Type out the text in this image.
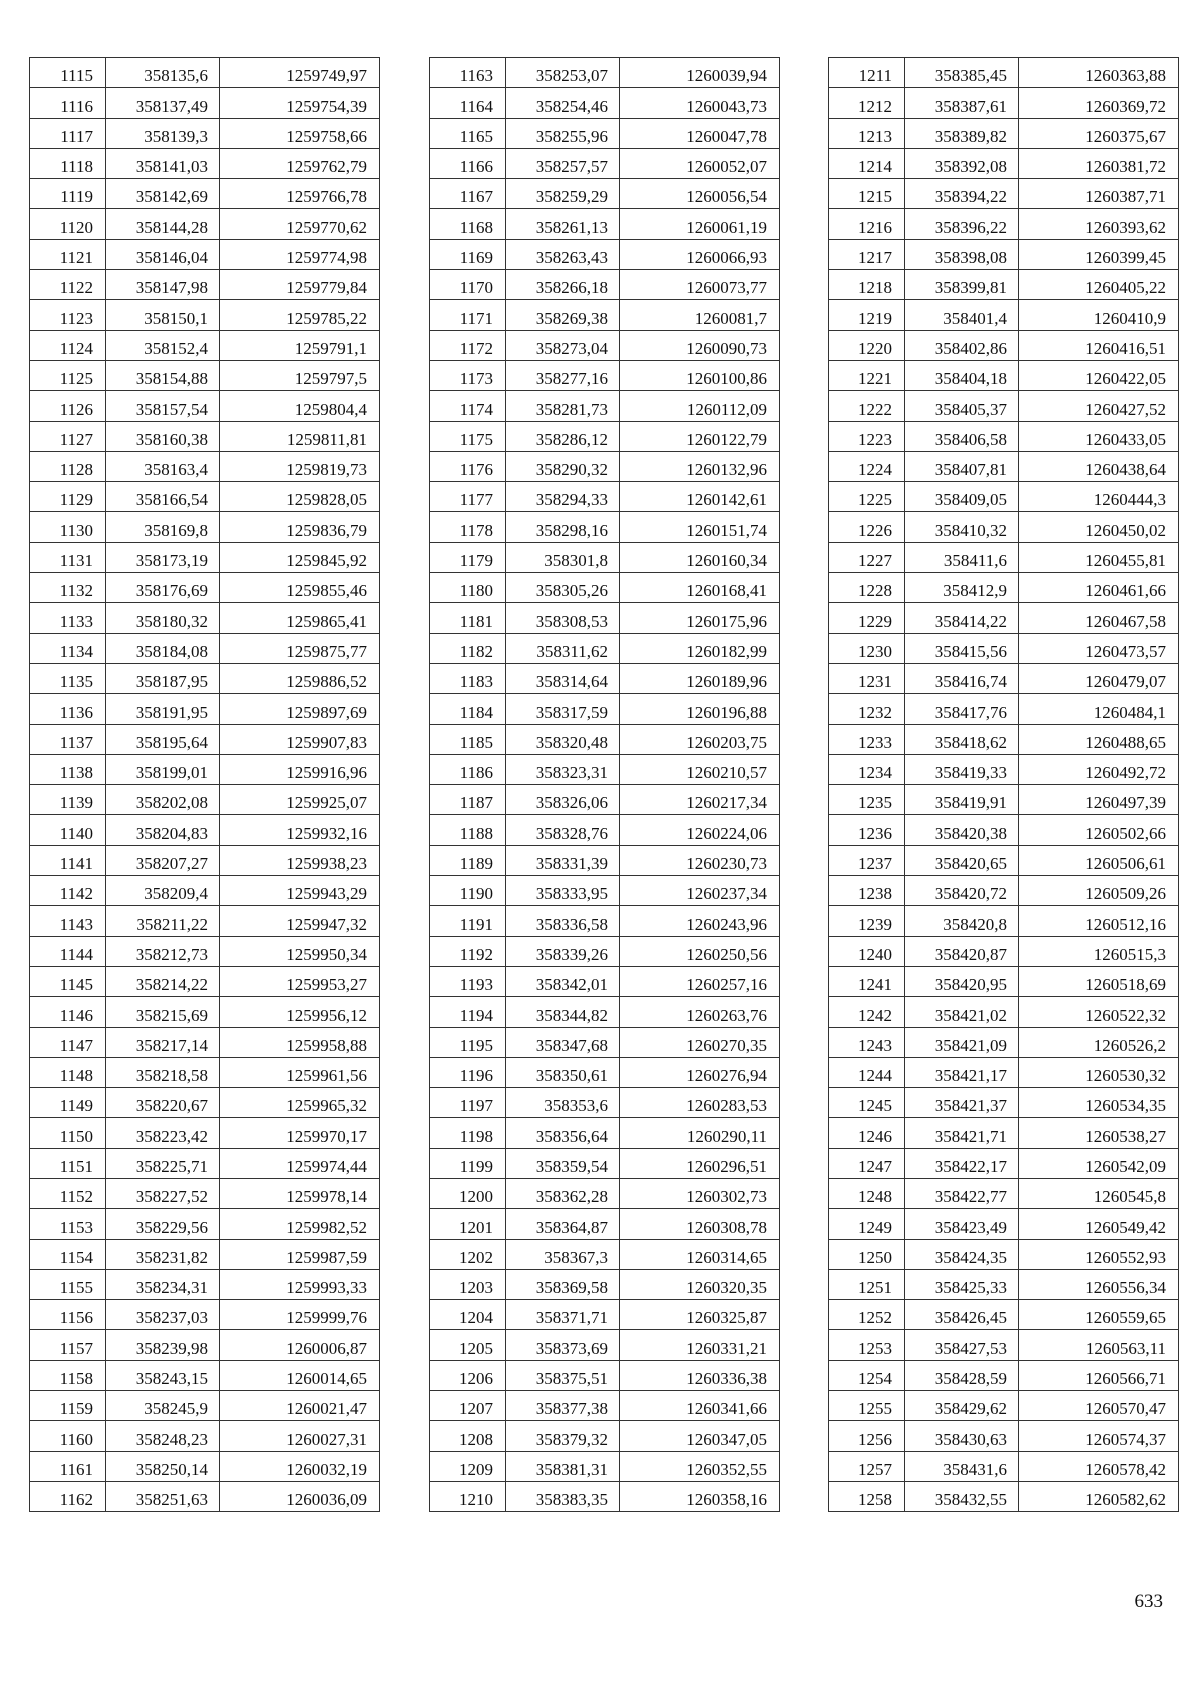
1115	358135,6	1259749,97
1116	358137,49	1259754,39
1117	358139,3	1259758,66
1118	358141,03	1259762,79
1119	358142,69	1259766,78
1120	358144,28	1259770,62
1121	358146,04	1259774,98
1122	358147,98	1259779,84
1123	358150,1	1259785,22
1124	358152,4	1259791,1
1125	358154,88	1259797,5
1126	358157,54	1259804,4
1127	358160,38	1259811,81
1128	358163,4	1259819,73
1129	358166,54	1259828,05
1130	358169,8	1259836,79
1131	358173,19	1259845,92
1132	358176,69	1259855,46
1133	358180,32	1259865,41
1134	358184,08	1259875,77
1135	358187,95	1259886,52
1136	358191,95	1259897,69
1137	358195,64	1259907,83
1138	358199,01	1259916,96
1139	358202,08	1259925,07
1140	358204,83	1259932,16
1141	358207,27	1259938,23
1142	358209,4	1259943,29
1143	358211,22	1259947,32
1144	358212,73	1259950,34
1145	358214,22	1259953,27
1146	358215,69	1259956,12
1147	358217,14	1259958,88
1148	358218,58	1259961,56
1149	358220,67	1259965,32
1150	358223,42	1259970,17
1151	358225,71	1259974,44
1152	358227,52	1259978,14
1153	358229,56	1259982,52
1154	358231,82	1259987,59
1155	358234,31	1259993,33
1156	358237,03	1259999,76
1157	358239,98	1260006,87
1158	358243,15	1260014,65
1159	358245,9	1260021,47
1160	358248,23	1260027,31
1161	358250,14	1260032,19
1162	358251,63	1260036,09
1163	358253,07	1260039,94
1164	358254,46	1260043,73
1165	358255,96	1260047,78
1166	358257,57	1260052,07
1167	358259,29	1260056,54
1168	358261,13	1260061,19
1169	358263,43	1260066,93
1170	358266,18	1260073,77
1171	358269,38	1260081,7
1172	358273,04	1260090,73
1173	358277,16	1260100,86
1174	358281,73	1260112,09
1175	358286,12	1260122,79
1176	358290,32	1260132,96
1177	358294,33	1260142,61
1178	358298,16	1260151,74
1179	358301,8	1260160,34
1180	358305,26	1260168,41
1181	358308,53	1260175,96
1182	358311,62	1260182,99
1183	358314,64	1260189,96
1184	358317,59	1260196,88
1185	358320,48	1260203,75
1186	358323,31	1260210,57
1187	358326,06	1260217,34
1188	358328,76	1260224,06
1189	358331,39	1260230,73
1190	358333,95	1260237,34
1191	358336,58	1260243,96
1192	358339,26	1260250,56
1193	358342,01	1260257,16
1194	358344,82	1260263,76
1195	358347,68	1260270,35
1196	358350,61	1260276,94
1197	358353,6	1260283,53
1198	358356,64	1260290,11
1199	358359,54	1260296,51
1200	358362,28	1260302,73
1201	358364,87	1260308,78
1202	358367,3	1260314,65
1203	358369,58	1260320,35
1204	358371,71	1260325,87
1205	358373,69	1260331,21
1206	358375,51	1260336,38
1207	358377,38	1260341,66
1208	358379,32	1260347,05
1209	358381,31	1260352,55
1210	358383,35	1260358,16
1211	358385,45	1260363,88
1212	358387,61	1260369,72
1213	358389,82	1260375,67
1214	358392,08	1260381,72
1215	358394,22	1260387,71
1216	358396,22	1260393,62
1217	358398,08	1260399,45
1218	358399,81	1260405,22
1219	358401,4	1260410,9
1220	358402,86	1260416,51
1221	358404,18	1260422,05
1222	358405,37	1260427,52
1223	358406,58	1260433,05
1224	358407,81	1260438,64
1225	358409,05	1260444,3
1226	358410,32	1260450,02
1227	358411,6	1260455,81
1228	358412,9	1260461,66
1229	358414,22	1260467,58
1230	358415,56	1260473,57
1231	358416,74	1260479,07
1232	358417,76	1260484,1
1233	358418,62	1260488,65
1234	358419,33	1260492,72
1235	358419,91	1260497,39
1236	358420,38	1260502,66
1237	358420,65	1260506,61
1238	358420,72	1260509,26
1239	358420,8	1260512,16
1240	358420,87	1260515,3
1241	358420,95	1260518,69
1242	358421,02	1260522,32
1243	358421,09	1260526,2
1244	358421,17	1260530,32
1245	358421,37	1260534,35
1246	358421,71	1260538,27
1247	358422,17	1260542,09
1248	358422,77	1260545,8
1249	358423,49	1260549,42
1250	358424,35	1260552,93
1251	358425,33	1260556,34
1252	358426,45	1260559,65
1253	358427,53	1260563,11
1254	358428,59	1260566,71
1255	358429,62	1260570,47
1256	358430,63	1260574,37
1257	358431,6	1260578,42
1258	358432,55	1260582,62
633
